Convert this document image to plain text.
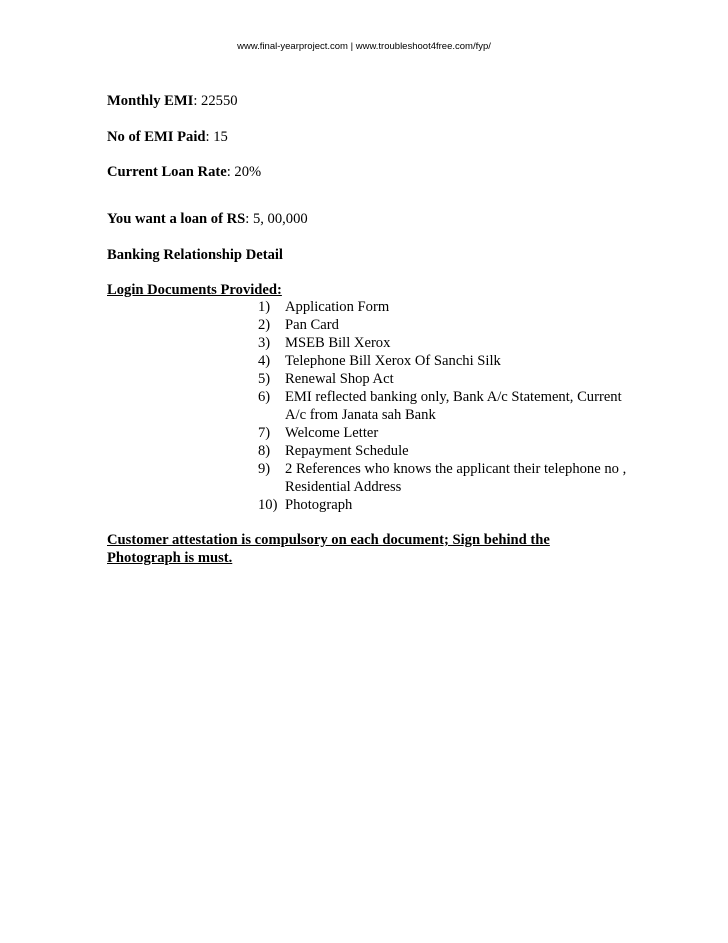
www.final-yearproject.com | www.troubleshoot4free.com/fyp/
Monthly EMI: 22550
No of EMI Paid: 15
Current Loan Rate: 20%
You want a loan of RS: 5, 00,000
Banking Relationship Detail
Login Documents Provided:
1)	Application Form
2)	Pan Card
3)	MSEB Bill Xerox
4)	Telephone Bill Xerox Of Sanchi Silk
5)	Renewal Shop Act
6)	EMI reflected banking only, Bank A/c Statement, Current A/c from Janata sah Bank
7)	Welcome Letter
8)	Repayment Schedule
9)	2 References who knows the applicant their telephone no , Residential Address
10) Photograph
Customer attestation is compulsory on each document; Sign behind the Photograph is must.
